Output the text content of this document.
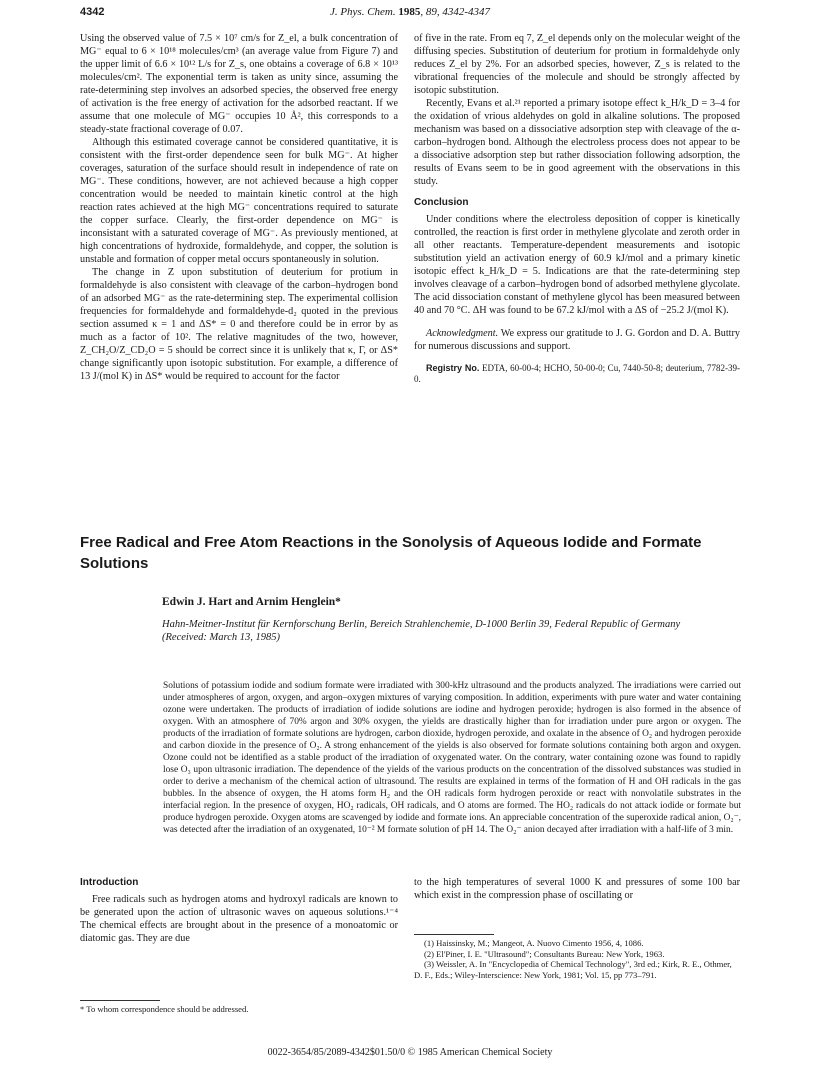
4342	J. Phys. Chem. 1985, 89, 4342-4347

Using the observed value of 7.5 × 10⁷ cm/s for Z_el, a bulk concentration of MG⁻ equal to 6 × 10¹⁸ molecules/cm³ (an average value from Figure 7) and the upper limit of 6.6 × 10¹² L/s for Z_s, one obtains a coverage of 6.8 × 10¹³ molecules/cm². The exponential term is taken as unity since, assuming the rate-determining step involves an adsorbed species, the observed free energy of activation is the free energy of activation for the adsorbed reactant. If we assume that one molecule of MG⁻ occupies 10 Å², this corresponds to a steady-state fractional coverage of 0.07.

Although this estimated coverage cannot be considered quantitative, it is consistent with the first-order dependence seen for bulk MG⁻. At higher coverages, saturation of the surface should result in independence of rate on MG⁻. These conditions, however, are not achieved because a high copper concentration would be needed to maintain kinetic control at the high reaction rates achieved at the high MG⁻ concentrations required to saturate the copper surface. Clearly, the first-order dependence on MG⁻ is inconsistant with a saturated coverage of MG⁻. As previously mentioned, at high concentrations of hydroxide, formaldehyde, and copper, the solution is unstable and formation of copper metal occurs spontaneously in solution.

The change in Z upon substitution of deuterium for protium in formaldehyde is also consistent with cleavage of the carbon–hydrogen bond of an adsorbed MG⁻ as the rate-determining step. The experimental collision frequencies for formaldehyde and formaldehyde-d₂ quoted in the previous section assumed κ = 1 and ΔS* = 0 and therefore could be in error by as much as a factor of 10². The relative magnitudes of the two, however, Z_CH₂O/Z_CD₂O = 5 should be correct since it is unlikely that κ, Γ, or ΔS* change significantly upon isotopic substitution. For example, a difference of 13 J/(mol K) in ΔS* would be required to account for the factor

of five in the rate. From eq 7, Z_el depends only on the molecular weight of the diffusing species. Substitution of deuterium for protium in formaldehyde only reduces Z_el by 2%. For an adsorbed species, however, Z_s is related to the vibrational frequencies of the molecule and should be strongly affected by isotopic substitution.

Recently, Evans et al.²¹ reported a primary isotope effect k_H/k_D = 3–4 for the oxidation of vrious aldehydes on gold in alkaline solutions. The proposed mechanism was based on a dissociative adsorption step with cleavage of the α-carbon–hydrogen bond. Although the electroless process does not appear to be a dissociative adsorption step but rather dissociation following adsorption, the results of Evans seem to be in good agreement with the observations in this study.

Conclusion

Under conditions where the electroless deposition of copper is kinetically controlled, the reaction is first order in methylene glycolate and zeroth order in all other reactants. Temperature-dependent measurements and isotopic substitution yield an activation energy of 60.9 kJ/mol and a primary kinetic isotopic effect k_H/k_D = 5. Indications are that the rate-determining step involves cleavage of a carbon–hydrogen bond of adsorbed methylene glycolate. The acid dissociation constant of methylene glycol has been measured between 40 and 70 °C. ΔH was found to be 67.2 kJ/mol with a ΔS of −25.2 J/(mol K).

Acknowledgment. We express our gratitude to J. G. Gordon and D. A. Buttry for numerous discussions and support.

Registry No. EDTA, 60-00-4; HCHO, 50-00-0; Cu, 7440-50-8; deuterium, 7782-39-0.

Free Radical and Free Atom Reactions in the Sonolysis of Aqueous Iodide and Formate Solutions
Edwin J. Hart and Arnim Henglein*
Hahn-Meitner-Institut für Kernforschung Berlin, Bereich Strahlenchemie, D-1000 Berlin 39, Federal Republic of Germany (Received: March 13, 1985)

Solutions of potassium iodide and sodium formate were irradiated with 300-kHz ultrasound and the products analyzed. The irradiations were carried out under atmospheres of argon, oxygen, and argon–oxygen mixtures of varying composition. In addition, experiments with pure water and water containing ozone were undertaken. The products of irradiation of iodide solutions are iodine and hydrogen peroxide; hydrogen is also formed in the absence of oxygen. With an atmosphere of 70% argon and 30% oxygen, the yields are drastically higher than for irradiation under pure argon or oxygen. The products of the irradiation of formate solutions are hydrogen, carbon dioxide, hydrogen peroxide, and oxalate in the absence of O₂ and hydrogen peroxide and carbon dioxide in the presence of O₂. A strong enhancement of the yields is also observed for formate solutions containing both argon and oxygen. Ozone could not be identified as a stable product of the irradiation of oxygenated water. On the contrary, water containing ozone was found to rapidly lose O₃ upon ultrasonic irradiation. The dependence of the yields of the various products on the concentration of the dissolved substances was studied in order to derive a mechanism of the chemical action of ultrasound. The results are explained in terms of the formation of H and OH radicals in the gas bubbles. In the absence of oxygen, the H atoms form H₂ and the OH radicals form hydrogen peroxide or react with nonvolatile substrates in the interfacial region. In the presence of oxygen, HO₂ radicals, OH radicals, and O atoms are formed. The HO₂ radicals do not attack iodide or formate but produce hydrogen peroxide. Oxygen atoms are scavenged by iodide and formate ions. An appreciable concentration of the superoxide radical anion, O₂⁻, was detected after the irradiation of an oxygenated, 10⁻² M formate solution of pH 14. The O₂⁻ anion decayed after irradiation with a half-life of 3 min.

Introduction

Free radicals such as hydrogen atoms and hydroxyl radicals are known to be generated upon the action of ultrasonic waves on aqueous solutions.¹⁻⁴ The chemical effects are brought about in the presence of a monoatomic or diatomic gas. They are due

to the high temperatures of several 1000 K and pressures of some 100 bar which exist in the compression phase of oscillating or

* To whom correspondence should be addressed.

(1) Haissinsky, M.; Mangeot, A. Nuovo Cimento 1956, 4, 1086.

(2) El'Piner, I. E. "Ultrasound"; Consultants Bureau: New York, 1963.

(3) Weissler, A. In "Encyclopedia of Chemical Technology", 3rd ed.; Kirk, R. E., Othmer, D. F., Eds.; Wiley-Interscience: New York, 1981; Vol. 15, pp 773–791.

0022-3654/85/2089-4342$01.50/0 © 1985 American Chemical Society
